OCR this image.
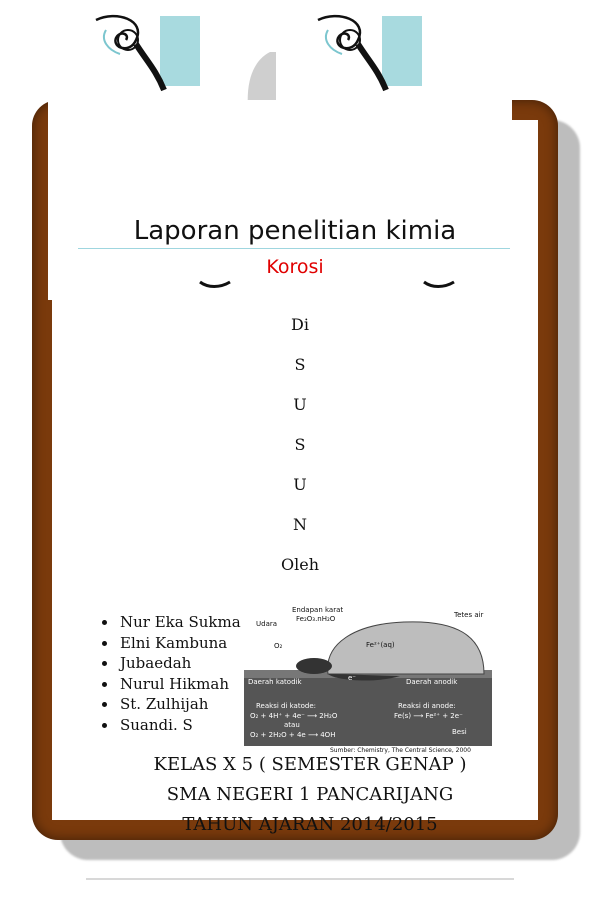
Laporan penelitian kimia
Korosi
Di
S
U
S
U
N
Oleh
• Nur Eka Sukma
• Elni Kambuna
• Jubaedah
• Nurul Hikmah
• St. Zulhijah
• Suandi. S
Endapan karat
Fe₂O₃.nH₂O	Tetes air
Udara
O₂	Fe²⁺(aq)
Daerah katodik	Daerah anodik
e⁻
Reaksi di katode:
O₂ + 4H⁺ + 4e⁻ ⟶ 2H₂O
atau
O₂ + 2H₂O + 4e ⟶ 4OH
Reaksi di anode:
Fe(s) ⟶ Fe²⁺ + 2e⁻
Besi
Sumber: Chemistry, The Central Science, 2000
KELAS X 5 ( SEMESTER GENAP )
SMA NEGERI 1 PANCARIJANG
TAHUN AJARAN 2014/2015
